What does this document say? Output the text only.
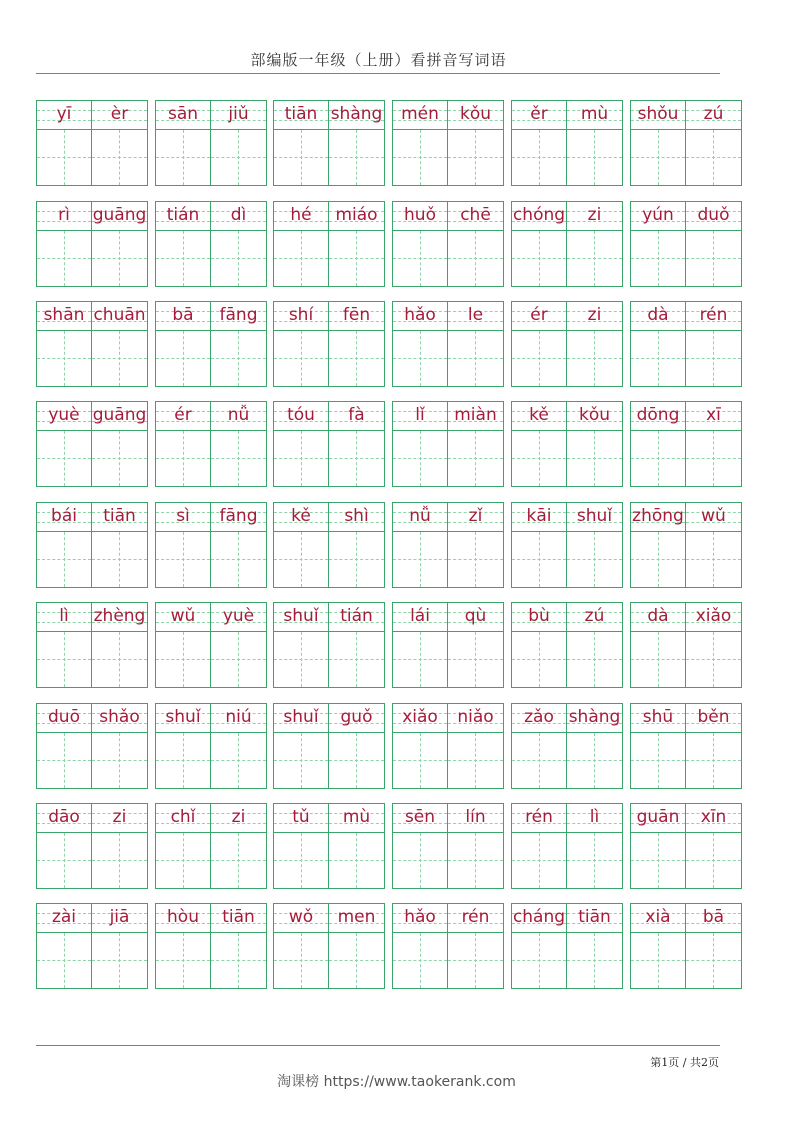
部编版一年级（上册）看拼音写词语
yī	èr	sān	jiǔ	tiān shàng	mén	kǒu	ěr	mù	shǒu	zú
rì	guāng	tián	dì	hé	miáo	huǒ	chē	chóng	zi	yún	duǒ
shān chuān	bā	fāng	shí	fēn	hǎo	le	ér	zi	dà	rén
yuè guāng	ér	nǚ	tóu	fà	lǐ	miàn	kě	kǒu	dōng	xī
bái	tiān	sì	fāng	kě	shì	nǚ	zǐ	kāi	shuǐ	zhōng	wǔ
lì	zhèng	wǔ	yuè	shuǐ	tián	lái	qù	bù	zú	dà	xiǎo
duō	shǎo	shuǐ	niú	shuǐ	guǒ	xiǎo	niǎo	zǎo shàng	shū	běn
dāo	zi	chǐ	zi	tǔ	mù	sēn	lín	rén	lì	guān	xīn
zài	jiā	hòu	tiān	wǒ	men	hǎo	rén	cháng tiān	xià	bā
第1页 / 共2页
淘课榜 https://www.taokerank.com
